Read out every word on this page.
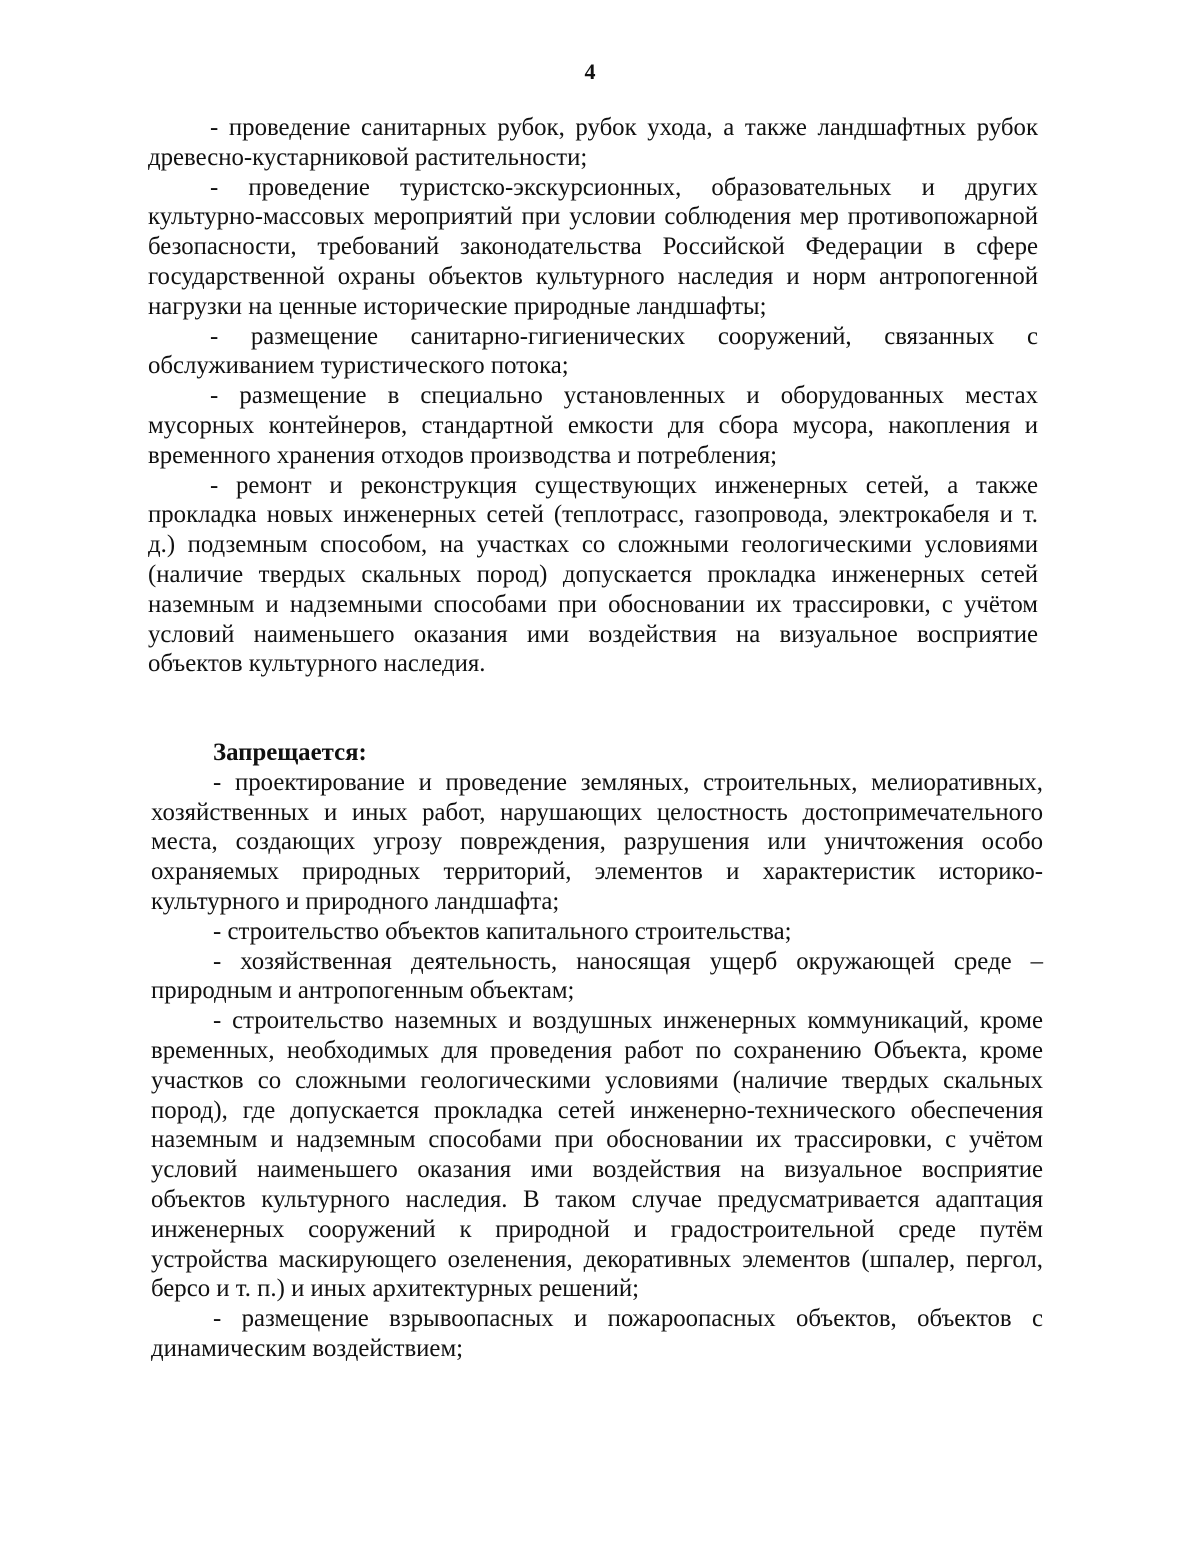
4

- проведение санитарных рубок, рубок ухода, а также ландшафтных рубок древесно-кустарниковой растительности;

- проведение туристско-экскурсионных, образовательных и других культурно-массовых мероприятий при условии соблюдения мер противопожарной безопасности, требований законодательства Российской Федерации в сфере государственной охраны объектов культурного наследия и норм антропогенной нагрузки на ценные исторические природные ландшафты;

- размещение санитарно-гигиенических сооружений, связанных с обслуживанием туристического потока;

- размещение в специально установленных и оборудованных местах мусорных контейнеров, стандартной емкости для сбора мусора, накопления и временного хранения отходов производства и потребления;

- ремонт и реконструкция существующих инженерных сетей, а также прокладка новых инженерных сетей (теплотрасс, газопровода, электрокабеля и т. д.) подземным способом, на участках со сложными геологическими условиями (наличие твердых скальных пород) допускается прокладка инженерных сетей наземным и надземными способами при обосновании их трассировки, с учётом условий наименьшего оказания ими воздействия на визуальное восприятие объектов культурного наследия.

Запрещается:

- проектирование и проведение земляных, строительных, мелиоративных, хозяйственных и иных работ, нарушающих целостность достопримечательного места, создающих угрозу повреждения, разрушения или уничтожения особо охраняемых природных территорий, элементов и характеристик историко-культурного и природного ландшафта;

- строительство объектов капитального строительства;

- хозяйственная деятельность, наносящая ущерб окружающей среде – природным и антропогенным объектам;

- строительство наземных и воздушных инженерных коммуникаций, кроме временных, необходимых для проведения работ по сохранению Объекта, кроме участков со сложными геологическими условиями (наличие твердых скальных пород), где допускается прокладка сетей инженерно-технического обеспечения наземным и надземным способами при обосновании их трассировки, с учётом условий наименьшего оказания ими воздействия на визуальное восприятие объектов культурного наследия. В таком случае предусматривается адаптация инженерных сооружений к природной и градостроительной среде путём устройства маскирующего озеленения, декоративных элементов (шпалер, пергол, берсо и т. п.) и иных архитектурных решений;

- размещение взрывоопасных и пожароопасных объектов, объектов с динамическим воздействием;
